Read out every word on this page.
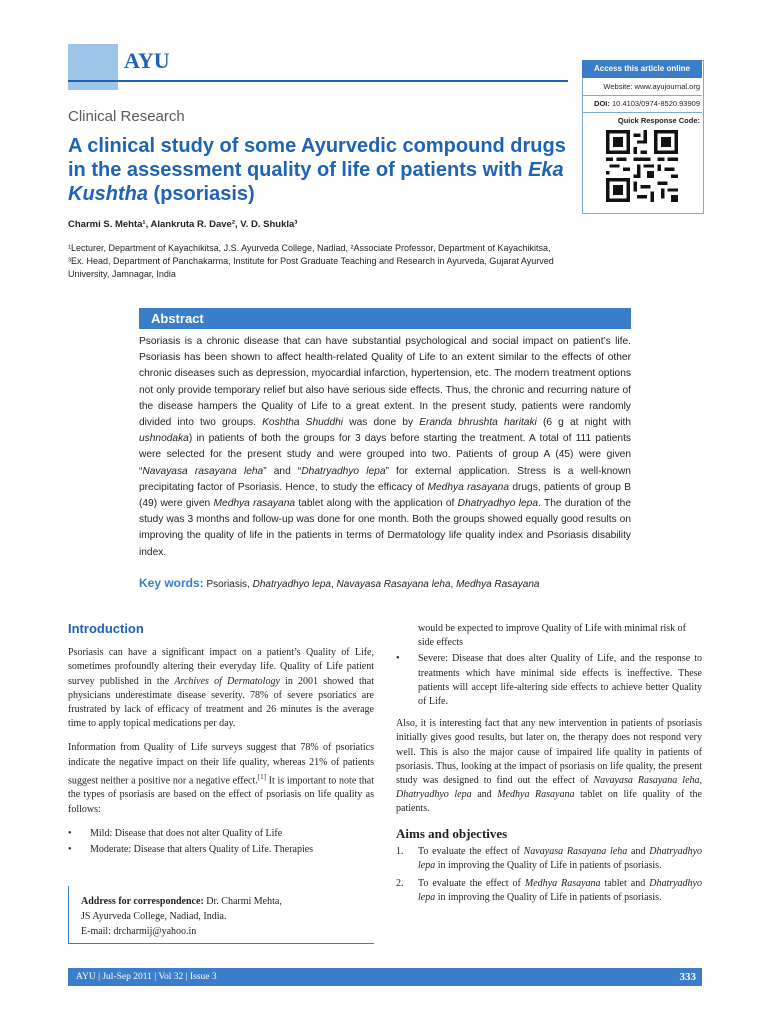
AYU	Access this article online
Website: www.ayujournal.org
DOI: 10.4103/0974-8520.93909
Quick Response Code:
Clinical Research
A clinical study of some Ayurvedic compound drugs in the assessment quality of life of patients with Eka Kushtha (psoriasis)
Charmi S. Mehta¹, Alankruta R. Dave², V. D. Shukla³
¹Lecturer, Department of Kayachikitsa, J.S. Ayurveda College, Nadiad, ²Associate Professor, Department of Kayachikitsa, ³Ex. Head, Department of Panchakarma, Institute for Post Graduate Teaching and Research in Ayurveda, Gujarat Ayurved University, Jamnagar, India
Abstract
Psoriasis is a chronic disease that can have substantial psychological and social impact on patient’s life. Psoriasis has been shown to affect health-related Quality of Life to an extent similar to the effects of other chronic diseases such as depression, myocardial infarction, hypertension, etc. The modern treatment options not only provide temporary relief but also have serious side effects. Thus, the chronic and recurring nature of the disease hampers the Quality of Life to a great extent. In the present study, patients were randomly divided into two groups. Koshtha Shuddhi was done by Eranda bhrushta haritaki (6 g at night with ushnodaka) in patients of both the groups for 3 days before starting the treatment. A total of 111 patients were selected for the present study and were grouped into two. Patients of group A (45) were given “Navayasa rasayana leha” and “Dhatryadhyo lepa” for external application. Stress is a well-known precipitating factor of Psoriasis. Hence, to study the efficacy of Medhya rasayana drugs, patients of group B (49) were given Medhya rasayana tablet along with the application of Dhatryadhyo lepa. The duration of the study was 3 months and follow-up was done for one month. Both the groups showed equally good results on improving the quality of life in the patients in terms of Dermatology life quality index and Psoriasis disability index.
Key words: Psoriasis, Dhatryadhyo lepa, Navayasa Rasayana leha, Medhya Rasayana
Introduction

Psoriasis can have a significant impact on a patient’s Quality of Life, sometimes profoundly altering their everyday life. Quality of Life patient survey published in the Archives of Dermatology in 2001 showed that physicians underestimate disease severity. 78% of severe psoriatics are frustrated by lack of efficacy of treatment and 26 minutes is the average time to apply topical medications per day.

Information from Quality of Life surveys suggest that 78% of psoriatics indicate the negative impact on their life quality, whereas 21% of patients suggest neither a positive nor a negative effect.[1] It is important to note that the types of psoriasis are based on the effect of psoriasis on life quality as follows:

• Mild: Disease that does not alter Quality of Life
• Moderate: Disease that alters Quality of Life. Therapies
Address for correspondence: Dr. Charmi Mehta,
JS Ayurveda College, Nadiad, India.
E-mail: drcharmij@yahoo.in
would be expected to improve Quality of Life with minimal risk of side effects
• Severe: Disease that does alter Quality of Life, and the response to treatments which have minimal side effects is ineffective. These patients will accept life-altering side effects to achieve better Quality of Life.

Also, it is interesting fact that any new intervention in patients of psoriasis initially gives good results, but later on, the therapy does not respond very well. This is also the major cause of impaired life quality in patients of psoriasis. Thus, looking at the impact of psoriasis on life quality, the present study was designed to find out the effect of Navayasa Rasayana leha, Dhatryadhyo lepa and Medhya Rasayana tablet on life quality of the patients.

Aims and objectives
1. To evaluate the effect of Navayasa Rasayana leha and Dhatryadhyo lepa in improving the Quality of Life in patients of psoriasis.
2. To evaluate the effect of Medhya Rasayana tablet and Dhatryadhyo lepa in improving the Quality of Life in patients of psoriasis.
AYU | Jul-Sep 2011 | Vol 32 | Issue 3	333
